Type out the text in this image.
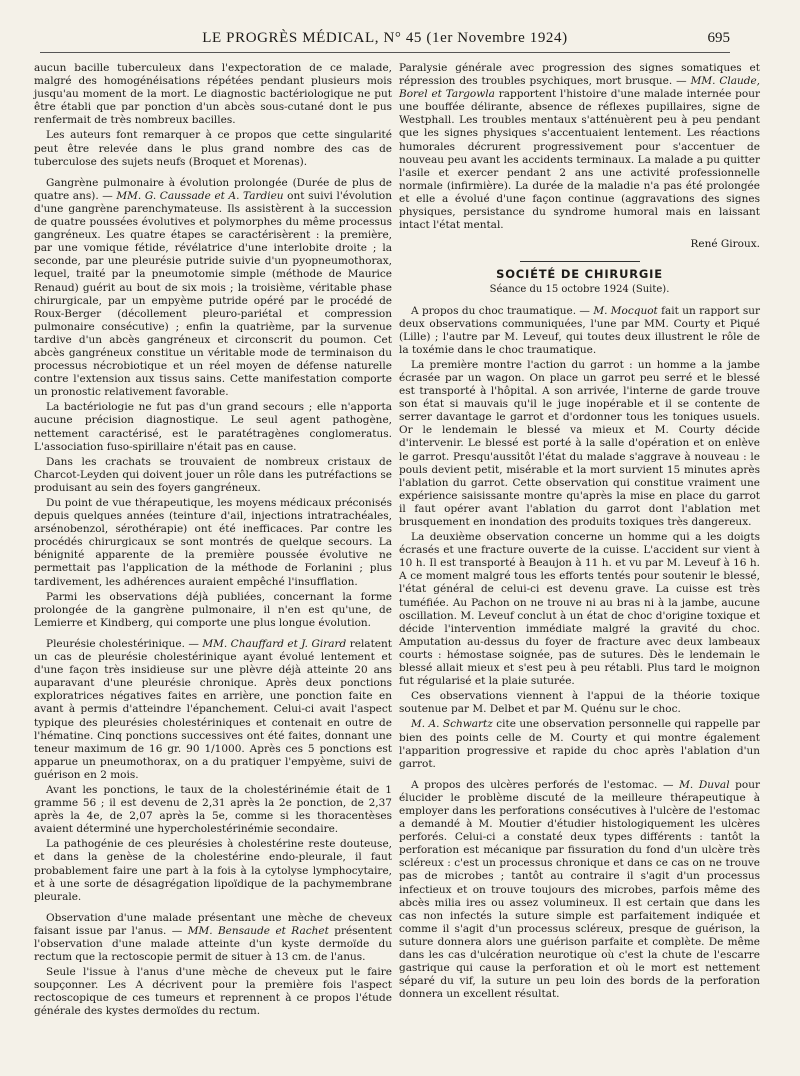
LE PROGRÈS MÉDICAL, N° 45 (1er Novembre 1924)	695

aucun bacille tuberculeux dans l'expectoration de ce malade, malgré des homogénéisations répétées pendant plusieurs mois jusqu'au moment de la mort. Le diagnostic bactériologique ne put être établi que par ponction d'un abcès sous-cutané dont le pus renfermait de très nombreux bacilles.

Les auteurs font remarquer à ce propos que cette singularité peut être relevée dans le plus grand nombre des cas de tuberculose des sujets neufs (Broquet et Morenas).

Gangrène pulmonaire à évolution prolongée (Durée de plus de quatre ans). — MM. G. Caussade et A. Tardieu ont suivi l'évolution d'une gangrène parenchymateuse. Ils assistèrent à la succession de quatre poussées évolutives et polymorphes du même processus gangréneux. Les quatre étapes se caractérisèrent : la première, par une vomique fétide, révélatrice d'une interlobite droite ; la seconde, par une pleurésie putride suivie d'un pyopneumothorax, lequel, traité par la pneumotomie simple (méthode de Maurice Renaud) guérit au bout de six mois ; la troisième, véritable phase chirurgicale, par un empyème putride opéré par le procédé de Roux-Berger (décollement pleuro-pariétal et compression pulmonaire consécutive) ; enfin la quatrième, par la survenue tardive d'un abcès gangréneux et circonscrit du poumon. Cet abcès gangréneux constitue un véritable mode de terminaison du processus nécrobiotique et un réel moyen de défense naturelle contre l'extension aux tissus sains. Cette manifestation comporte un pronostic relativement favorable.

La bactériologie ne fut pas d'un grand secours ; elle n'apporta aucune précision diagnostique. Le seul agent pathogène, nettement caractérisé, est le paratétragènes conglomeratus. L'association fuso-spirillaire n'était pas en cause.

Dans les crachats se trouvaient de nombreux cristaux de Charcot-Leyden qui doivent jouer un rôle dans les putréfactions se produisant au sein des foyers gangréneux.

Du point de vue thérapeutique, les moyens médicaux préconisés depuis quelques années (teinture d'ail, injections intratrachéales, arsénobenzol, sérothérapie) ont été inefficaces. Par contre les procédés chirurgicaux se sont montrés de quelque secours. La bénignité apparente de la première poussée évolutive ne permettait pas l'application de la méthode de Forlanini ; plus tardivement, les adhérences auraient empêché l'insufflation.

Parmi les observations déjà publiées, concernant la forme prolongée de la gangrène pulmonaire, il n'en est qu'une, de Lemierre et Kindberg, qui comporte une plus longue évolution.

Pleurésie cholestérinique. — MM. Chauffard et J. Girard relatent un cas de pleurésie cholestérinique ayant évolué lentement et d'une façon très insidieuse sur une plèvre déjà atteinte 20 ans auparavant d'une pleurésie chronique. Après deux ponctions exploratrices négatives faites en arrière, une ponction faite en avant à permis d'atteindre l'épanchement. Celui-ci avait l'aspect typique des pleurésies cholestériniques et contenait en outre de l'hématine. Cinq ponctions successives ont été faites, donnant une teneur maximum de 16 gr. 90 1/1000. Après ces 5 ponctions est apparue un pneumothorax, on a du pratiquer l'empyème, suivi de guérison en 2 mois.

Avant les ponctions, le taux de la cholestérinémie était de 1 gramme 56 ; il est devenu de 2,31 après la 2e ponction, de 2,37 après la 4e, de 2,07 après la 5e, comme si les thoracentèses avaient déterminé une hypercholestérinémie secondaire.

La pathogénie de ces pleurésies à cholestérine reste douteuse, et dans la genèse de la cholestérine endo-pleurale, il faut probablement faire une part à la fois à la cytolyse lymphocytaire, et à une sorte de désagrégation lipoïdique de la pachymembrane pleurale.

Observation d'une malade présentant une mèche de cheveux faisant issue par l'anus. — MM. Bensaude et Rachet présentent l'observation d'une malade atteinte d'un kyste dermoïde du rectum que la rectoscopie permit de situer à 13 cm. de l'anus.

Seule l'issue à l'anus d'une mèche de cheveux put le faire soupçonner. Les A décrivent pour la première fois l'aspect rectoscopique de ces tumeurs et reprennent à ce propos l'étude générale des kystes dermoïdes du rectum.

Paralysie générale avec progression des signes somatiques et répression des troubles psychiques, mort brusque. — MM. Claude, Borel et Targowla rapportent l'histoire d'une malade internée pour une bouffée délirante, absence de réflexes pupillaires, signe de Westphall. Les troubles mentaux s'atténuèrent peu à peu pendant que les signes physiques s'accentuaient lentement. Les réactions humorales décrurent progressivement pour s'accentuer de nouveau peu avant les accidents terminaux. La malade a pu quitter l'asile et exercer pendant 2 ans une activité professionnelle normale (infirmière). La durée de la maladie n'a pas été prolongée et elle a évolué d'une façon continue (aggravations des signes physiques, persistance du syndrome humoral mais en laissant intact l'état mental.

René Giroux.
SOCIÉTÉ DE CHIRURGIE
Séance du 15 octobre 1924 (Suite).

A propos du choc traumatique. — M. Mocquot fait un rapport sur deux observations communiquées, l'une par MM. Courty et Piqué (Lille) ; l'autre par M. Leveuf, qui toutes deux illustrent le rôle de la toxémie dans le choc traumatique.

La première montre l'action du garrot : un homme a la jambe écrasée par un wagon. On place un garrot peu serré et le blessé est transporté à l'hôpital. A son arrivée, l'interne de garde trouve son état si mauvais qu'il le juge inopérable et il se contente de serrer davantage le garrot et d'ordonner tous les toniques usuels. Or le lendemain le blessé va mieux et M. Courty décide d'intervenir. Le blessé est porté à la salle d'opération et on enlève le garrot. Presqu'aussitôt l'état du malade s'aggrave à nouveau : le pouls devient petit, misérable et la mort survient 15 minutes après l'ablation du garrot. Cette observation qui constitue vraiment une expérience saisissante montre qu'après la mise en place du garrot il faut opérer avant l'ablation du garrot dont l'ablation met brusquement en inondation des produits toxiques très dangereux.

La deuxième observation concerne un homme qui a les doigts écrasés et une fracture ouverte de la cuisse. L'accident sur vient à 10 h. Il est transporté à Beaujon à 11 h. et vu par M. Leveuf à 16 h. A ce moment malgré tous les efforts tentés pour soutenir le blessé, l'état général de celui-ci est devenu grave. La cuisse est très tuméfiée. Au Pachon on ne trouve ni au bras ni à la jambe, aucune oscillation. M. Leveuf conclut à un état de choc d'origine toxique et décide l'intervention immédiate malgré la gravité du choc. Amputation au-dessus du foyer de fracture avec deux lambeaux courts : hémostase soignée, pas de sutures. Dès le lendemain le blessé allait mieux et s'est peu à peu rétabli. Plus tard le moignon fut régularisé et la plaie suturée.

Ces observations viennent à l'appui de la théorie toxique soutenue par M. Delbet et par M. Quénu sur le choc.

M. A. Schwartz cite une observation personnelle qui rappelle par bien des points celle de M. Courty et qui montre également l'apparition progressive et rapide du choc après l'ablation d'un garrot.

A propos des ulcères perforés de l'estomac. — M. Duval pour élucider le problème discuté de la meilleure thérapeutique à employer dans les perforations consécutives à l'ulcère de l'estomac a demandé à M. Moutier d'étudier histologiquement les ulcères perforés. Celui-ci a constaté deux types différents : tantôt la perforation est mécanique par fissuration du fond d'un ulcère très scléreux : c'est un processus chronique et dans ce cas on ne trouve pas de microbes ; tantôt au contraire il s'agit d'un processus infectieux et on trouve toujours des microbes, parfois même des abcès milia ires ou assez volumineux. Il est certain que dans les cas non infectés la suture simple est parfaitement indiquée et comme il s'agit d'un processus scléreux, presque de guérison, la suture donnera alors une guérison parfaite et complète. De même dans les cas d'ulcération neurotique où c'est la chute de l'escarre gastrique qui cause la perforation et où le mort est nettement séparé du vif, la suture un peu loin des bords de la perforation donnera un excellent résultat.
